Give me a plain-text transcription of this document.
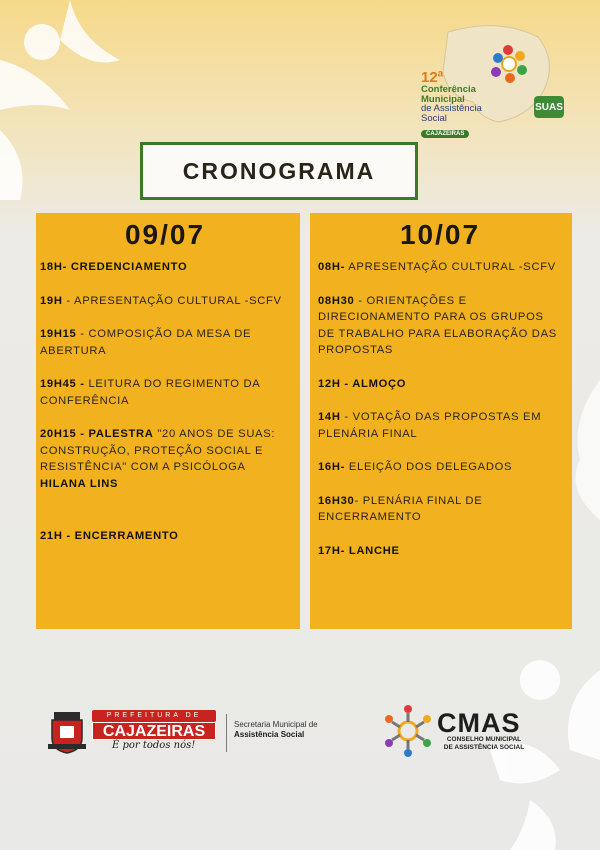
12ª
Conferência
Municipal
de Assistência
Social
CAJAZEIRAS
SUAS
CRONOGRAMA
09/07
18H- CREDENCIAMENTO
19H - APRESENTAÇÃO CULTURAL -SCFV
19H15 - COMPOSIÇÃO DA MESA DE ABERTURA
19H45 - LEITURA DO REGIMENTO DA CONFERÊNCIA
20H15 - PALESTRA "20 ANOS DE SUAS: CONSTRUÇÃO, PROTEÇÃO SOCIAL E RESISTÊNCIA" COM A PSICÓLOGA HILANA LINS
21H - ENCERRAMENTO
10/07
08H- APRESENTAÇÃO CULTURAL -SCFV
08H30 - ORIENTAÇÕES E DIRECIONAMENTO PARA OS GRUPOS DE TRABALHO PARA ELABORAÇÃO DAS PROPOSTAS
12H - ALMOÇO
14H - VOTAÇÃO DAS PROPOSTAS EM PLENÁRIA FINAL
16H- ELEIÇÃO DOS DELEGADOS
16H30- PLENÁRIA FINAL DE ENCERRAMENTO
17H- LANCHE
PREFEITURA DE
CAJAZEIRAS
É por todos nós!
Secretaria Municipal de
Assistência Social	CMAS
CONSELHO MUNICIPAL
DE ASSISTÊNCIA SOCIAL
